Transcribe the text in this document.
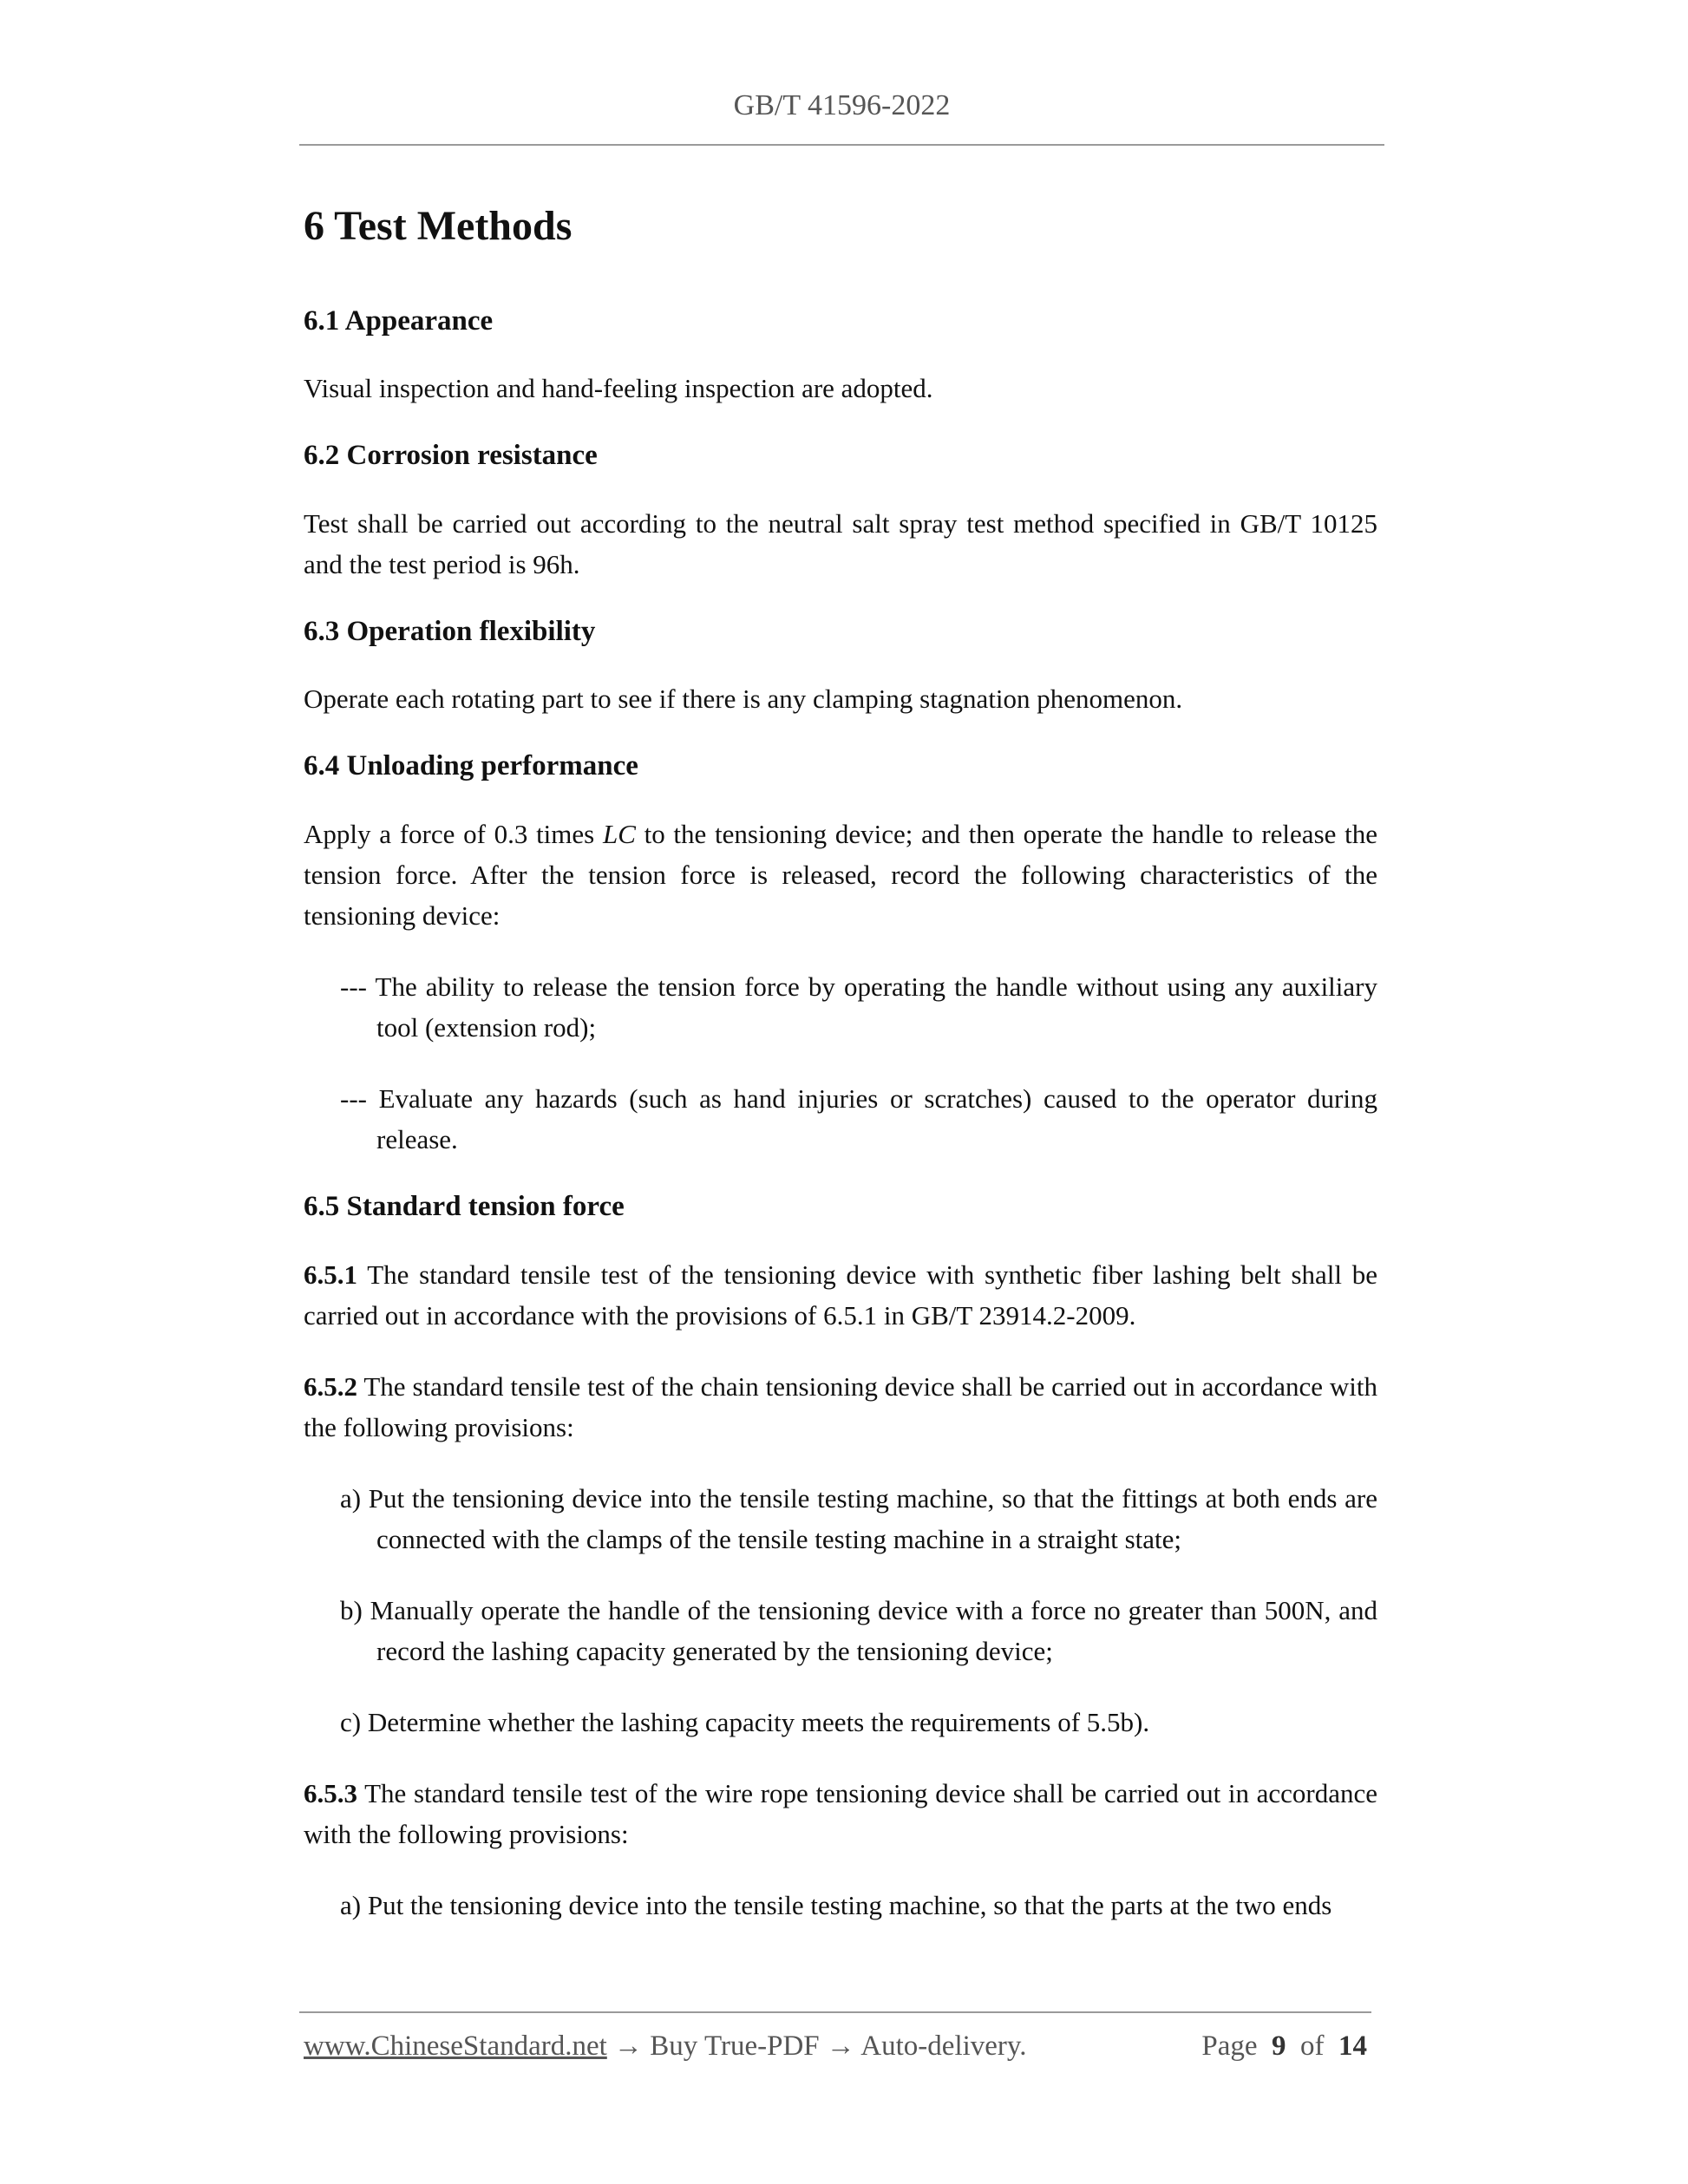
GB/T 41596-2022
6 Test Methods
6.1 Appearance

Visual inspection and hand-feeling inspection are adopted.

6.2 Corrosion resistance

Test shall be carried out according to the neutral salt spray test method specified in GB/T 10125 and the test period is 96h.

6.3 Operation flexibility

Operate each rotating part to see if there is any clamping stagnation phenomenon.

6.4 Unloading performance

Apply a force of 0.3 times LC to the tensioning device; and then operate the handle to release the tension force. After the tension force is released, record the following characteristics of the tensioning device:

--- The ability to release the tension force by operating the handle without using any auxiliary tool (extension rod);
--- Evaluate any hazards (such as hand injuries or scratches) caused to the operator during release.
6.5 Standard tension force

6.5.1 The standard tensile test of the tensioning device with synthetic fiber lashing belt shall be carried out in accordance with the provisions of 6.5.1 in GB/T 23914.2-2009.

6.5.2 The standard tensile test of the chain tensioning device shall be carried out in accordance with the following provisions:

a) Put the tensioning device into the tensile testing machine, so that the fittings at both ends are connected with the clamps of the tensile testing machine in a straight state;
b) Manually operate the handle of the tensioning device with a force no greater than 500N, and record the lashing capacity generated by the tensioning device;
c) Determine whether the lashing capacity meets the requirements of 5.5b).

6.5.3 The standard tensile test of the wire rope tensioning device shall be carried out in accordance with the following provisions:

a) Put the tensioning device into the tensile testing machine, so that the parts at the two ends
www.ChineseStandard.net → Buy True-PDF → Auto-delivery.	Page 9 of 14
